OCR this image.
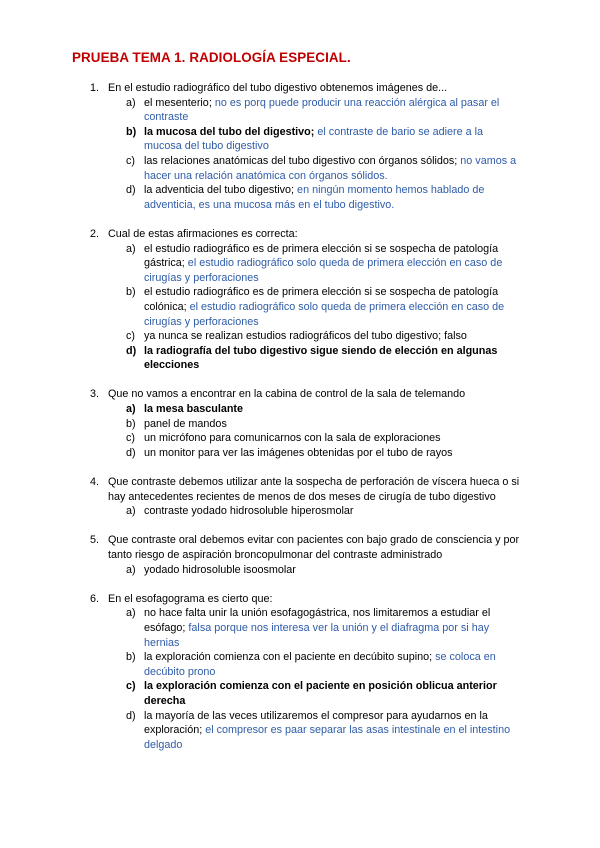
PRUEBA TEMA 1. RADIOLOGÍA ESPECIAL.
1. En el estudio radiográfico del tubo digestivo obtenemos imágenes de...
a) el mesenterio; no es porq puede producir una reacción alérgica al pasar el contraste
b) la mucosa del tubo del digestivo; el contraste de bario se adiere a la mucosa del tubo digestivo
c) las relaciones anatómicas del tubo digestivo con órganos sólidos; no vamos a hacer una relación anatómica con órganos sólidos.
d) la adventicia del tubo digestivo; en ningún momento hemos hablado de adventicia, es una mucosa más en el tubo digestivo.
2. Cual de estas afirmaciones es correcta:
a) el estudio radiográfico es de primera elección si se sospecha de patología gástrica; el estudio radiográfico solo queda de primera elección en caso de cirugías y perforaciones
b) el estudio radiográfico es de primera elección si se sospecha de patología colónica; el estudio radiográfico solo queda de primera elección en caso de cirugías y perforaciones
c) ya nunca se realizan estudios radiográficos del tubo digestivo; falso
d) la radiografía del tubo digestivo sigue siendo de elección en algunas elecciones
3. Que no vamos a encontrar en la cabina de control de la sala de telemando
a) la mesa basculante
b) panel de mandos
c) un micrófono para comunicarnos con la sala de exploraciones
d) un monitor para ver las imágenes obtenidas por el tubo de rayos
4. Que contraste debemos utilizar ante la sospecha de perforación de víscera hueca o si hay antecedentes recientes de menos de dos meses de cirugía de tubo digestivo
a) contraste yodado hidrosoluble hiperosmolar
5. Que contraste oral debemos evitar con pacientes con bajo grado de consciencia y por tanto riesgo de aspiración broncopulmonar del contraste administrado
a) yodado hidrosoluble isoosmolar
6. En el esofagograma es cierto que:
a) no hace falta unir la unión esofagogástrica, nos limitaremos a estudiar el esófago; falsa porque nos interesa ver la unión y el diafragma por si hay hernias
b) la exploración comienza con el paciente en decúbito supino; se coloca en decúbito prono
c) la exploración comienza con el paciente en posición oblicua anterior derecha
d) la mayoría de las veces utilizaremos el compresor para ayudarnos en la exploración; el compresor es paar separar las asas intestinale en el intestino delgado
